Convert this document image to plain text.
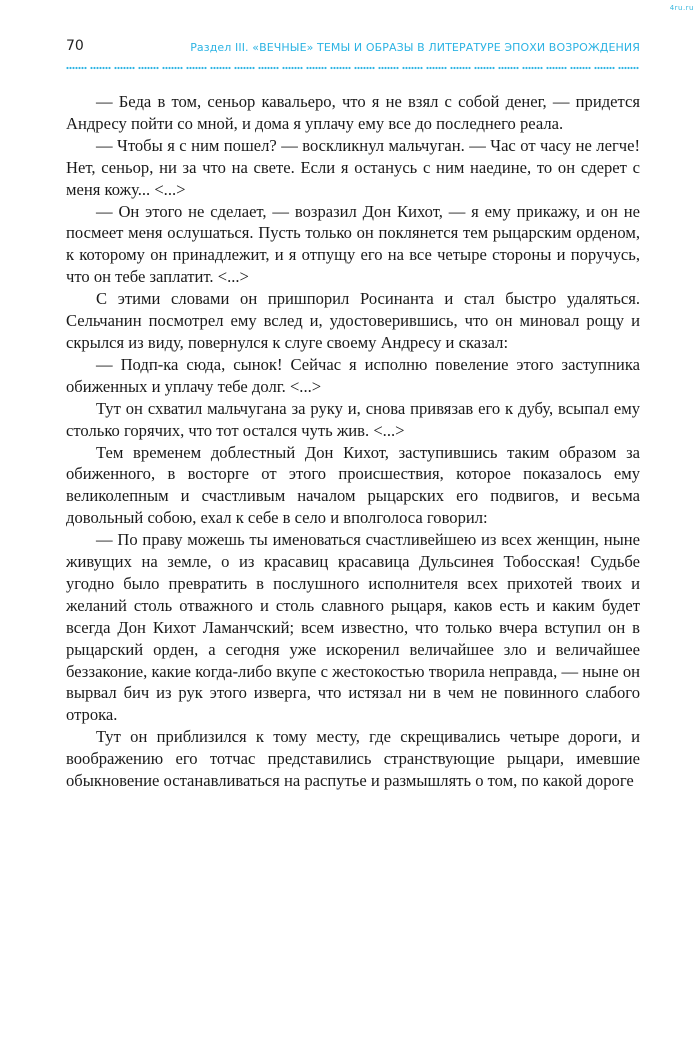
4ru.ru
70	Раздел III. «ВЕЧНЫЕ» ТЕМЫ И ОБРАЗЫ В ЛИТЕРАТУРЕ ЭПОХИ ВОЗРОЖДЕНИЯ

— Беда в том, сеньор кавальеро, что я не взял с собой денег, — придется Андресу пойти со мной, и дома я уплачу ему все до последнего реала.

— Чтобы я с ним пошел? — воскликнул мальчуган. — Час от часу не легче! Нет, сеньор, ни за что на свете. Если я останусь с ним наедине, то он сдерет с меня кожу... <...>

— Он этого не сделает, — возразил Дон Кихот, — я ему прикажу, и он не посмеет меня ослушаться. Пусть только он поклянется тем рыцарским орденом, к которому он принадлежит, и я отпущу его на все четыре стороны и поручусь, что он тебе заплатит. <...>

С этими словами он пришпорил Росинанта и стал быстро удаляться. Сельчанин посмотрел ему вслед и, удостоверившись, что он миновал рощу и скрылся из виду, повернулся к слуге своему Андресу и сказал:

— Подп-ка сюда, сынок! Сейчас я исполню повеление этого заступника обиженных и уплачу тебе долг. <...>

Тут он схватил мальчугана за руку и, снова привязав его к дубу, всыпал ему столько горячих, что тот остался чуть жив. <...>

Тем временем доблестный Дон Кихот, заступившись таким образом за обиженного, в восторге от этого происшествия, которое показалось ему великолепным и счастливым началом рыцарских его подвигов, и весьма довольный собою, ехал к себе в село и вполголоса говорил:

— По праву можешь ты именоваться счастливейшею из всех женщин, ныне живущих на земле, о из красавиц красавица Дульсинея Тобосская! Судьбе угодно было превратить в послушного исполнителя всех прихотей твоих и желаний столь отважного и столь славного рыцаря, каков есть и каким будет всегда Дон Кихот Ламанчский; всем известно, что только вчера вступил он в рыцарский орден, а сегодня уже искоренил величайшее зло и величайшее беззаконие, какие когда-либо вкупе с жестокостью творила неправда, — ныне он вырвал бич из рук этого изверга, что истязал ни в чем не повинного слабого отрока.

Тут он приблизился к тому месту, где скрещивались четыре дороги, и воображению его тотчас представились странствующие рыцари, имевшие обыкновение останавливаться на распутье и размышлять о том, по какой дороге
